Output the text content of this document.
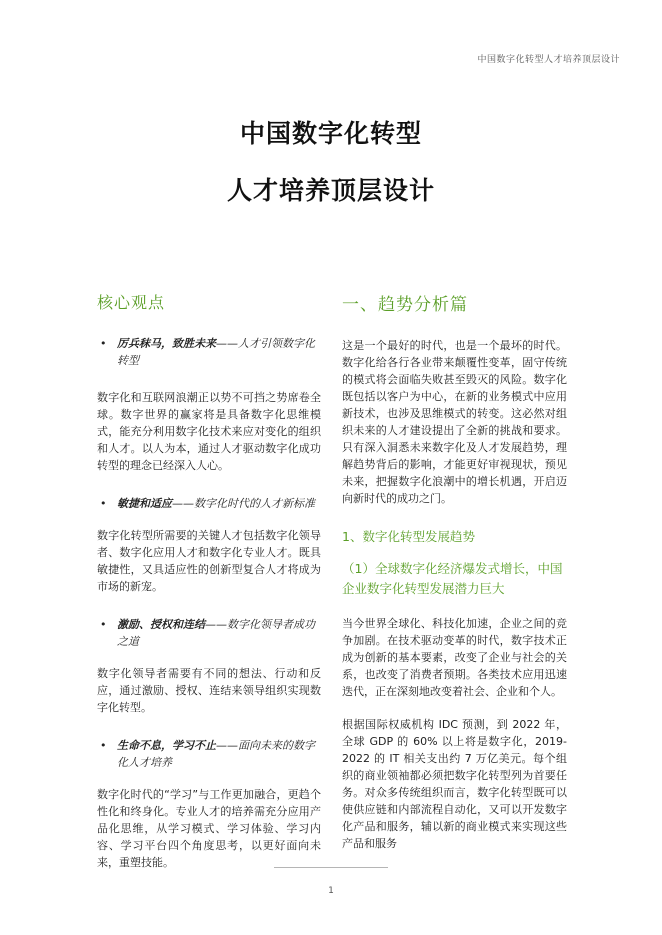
中国数字化转型人才培养顶层设计
中国数字化转型
人才培养顶层设计
核心观点
• 厉兵秣马，致胜未来——人才引领数字化转型

数字化和互联网浪潮正以势不可挡之势席卷全球。数字世界的赢家将是具备数字化思维模式，能充分利用数字化技术来应对变化的组织和人才。以人为本，通过人才驱动数字化成功转型的理念已经深入人心。

• 敏捷和适应——数字化时代的人才新标准

数字化转型所需要的关键人才包括数字化领导者、数字化应用人才和数字化专业人才。既具敏捷性，又具适应性的创新型复合人才将成为市场的新宠。

• 激励、授权和连结——数字化领导者成功之道

数字化领导者需要有不同的想法、行动和反应，通过激励、授权、连结来领导组织实现数字化转型。

• 生命不息，学习不止——面向未来的数字化人才培养

数字化时代的“学习”与工作更加融合，更趋个性化和终身化。专业人才的培养需充分应用产品化思维，从学习模式、学习体验、学习内容、学习平台四个角度思考，以更好面向未来，重塑技能。

一、趋势分析篇

这是一个最好的时代，也是一个最坏的时代。数字化给各行各业带来颠覆性变革，固守传统的模式将会面临失败甚至毁灭的风险。数字化既包括以客户为中心，在新的业务模式中应用新技术，也涉及思维模式的转变。这必然对组织未来的人才建设提出了全新的挑战和要求。只有深入洞悉未来数字化及人才发展趋势，理解趋势背后的影响，才能更好审视现状，预见未来，把握数字化浪潮中的增长机遇，开启迈向新时代的成功之门。

1、数字化转型发展趋势
（1）全球数字化经济爆发式增长，中国企业数字化转型发展潜力巨大

当今世界全球化、科技化加速，企业之间的竞争加剧。在技术驱动变革的时代，数字技术正成为创新的基本要素，改变了企业与社会的关系，也改变了消费者预期。各类技术应用迅速迭代，正在深刻地改变着社会、企业和个人。

根据国际权威机构 IDC 预测，到 2022 年，全球 GDP 的 60% 以上将是数字化，2019-2022 的 IT 相关支出约 7 万亿美元。每个组织的商业领袖都必须把数字化转型列为首要任务。对众多传统组织而言，数字化转型既可以使供应链和内部流程自动化，又可以开发数字化产品和服务，辅以新的商业模式来实现这些产品和服务

1
